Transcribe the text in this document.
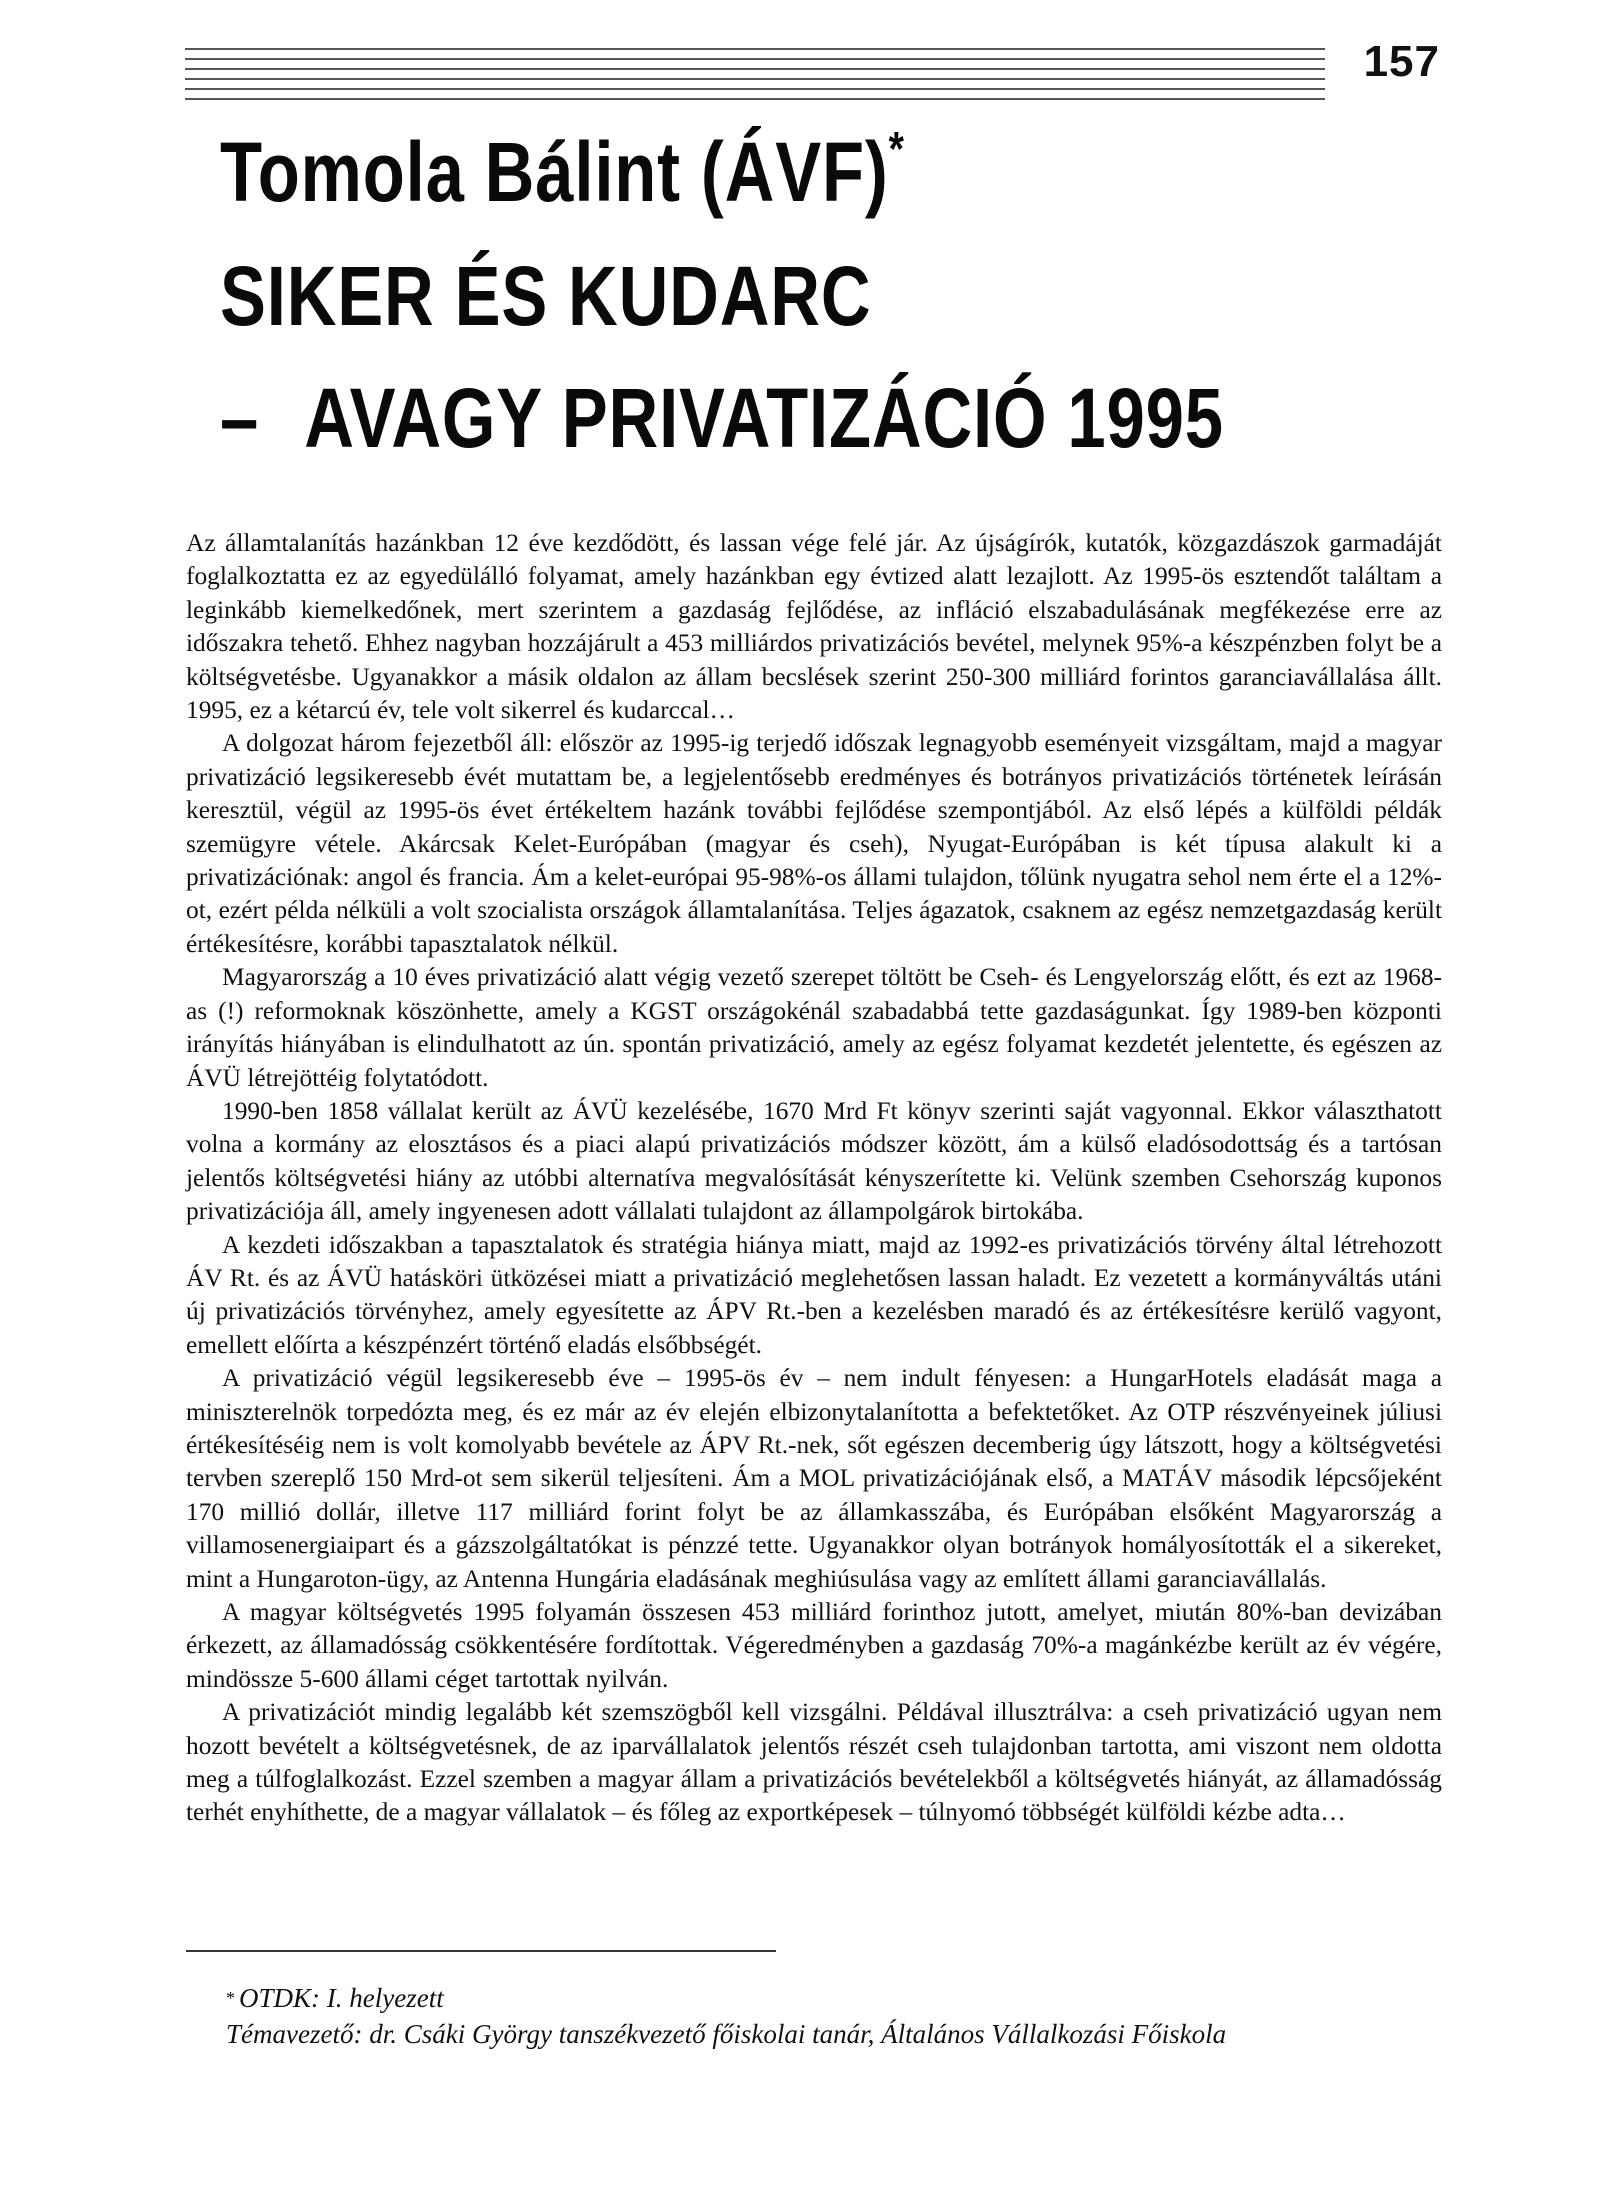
157
Tomola Bálint (ÁVF)*
SIKER ÉS KUDARC
– AVAGY PRIVATIZÁCIÓ 1995

Az államtalanítás hazánkban 12 éve kezdődött, és lassan vége felé jár. Az újságírók, kutatók, közgazdászok garmadáját foglalkoztatta ez az egyedülálló folyamat, amely hazánkban egy évtized alatt lezajlott. Az 1995-ös esztendőt találtam a leginkább kiemelkedőnek, mert szerintem a gazdaság fejlődése, az infláció elszabadulásának megfékezése erre az időszakra tehető. Ehhez nagyban hozzájárult a 453 milliárdos privatizációs bevétel, melynek 95%-a készpénzben folyt be a költségvetésbe. Ugyanakkor a másik oldalon az állam becslések szerint 250-300 milliárd forintos garanciavállalása állt. 1995, ez a kétarcú év, tele volt sikerrel és kudarccal…

A dolgozat három fejezetből áll: először az 1995-ig terjedő időszak legnagyobb eseményeit vizsgáltam, majd a magyar privatizáció legsikeresebb évét mutattam be, a legjelentősebb eredményes és botrányos privatizációs történetek leírásán keresztül, végül az 1995-ös évet értékeltem hazánk további fejlődése szempontjából. Az első lépés a külföldi példák szemügyre vétele. Akárcsak Kelet-Európában (magyar és cseh), Nyugat-Európában is két típusa alakult ki a privatizációnak: angol és francia. Ám a kelet-európai 95-98%-os állami tulajdon, tőlünk nyugatra sehol nem érte el a 12%-ot, ezért példa nélküli a volt szocialista országok államtalanítása. Teljes ágazatok, csaknem az egész nemzetgazdaság került értékesítésre, korábbi tapasztalatok nélkül.

Magyarország a 10 éves privatizáció alatt végig vezető szerepet töltött be Cseh- és Lengyelország előtt, és ezt az 1968-as (!) reformoknak köszönhette, amely a KGST országokénál szabadabbá tette gazdaságunkat. Így 1989-ben központi irányítás hiányában is elindulhatott az ún. spontán privatizáció, amely az egész folyamat kezdetét jelentette, és egészen az ÁVÜ létrejöttéig folytatódott.

1990-ben 1858 vállalat került az ÁVÜ kezelésébe, 1670 Mrd Ft könyv szerinti saját vagyonnal. Ekkor választhatott volna a kormány az elosztásos és a piaci alapú privatizációs módszer között, ám a külső eladósodottság és a tartósan jelentős költségvetési hiány az utóbbi alternatíva megvalósítását kényszerítette ki. Velünk szemben Csehország kuponos privatizációja áll, amely ingyenesen adott vállalati tulajdont az állampolgárok birtokába.

A kezdeti időszakban a tapasztalatok és stratégia hiánya miatt, majd az 1992-es privatizációs törvény által létrehozott ÁV Rt. és az ÁVÜ hatásköri ütközései miatt a privatizáció meglehetősen lassan haladt. Ez vezetett a kormányváltás utáni új privatizációs törvényhez, amely egyesítette az ÁPV Rt.-ben a kezelésben maradó és az értékesítésre kerülő vagyont, emellett előírta a készpénzért történő eladás elsőbbségét.

A privatizáció végül legsikeresebb éve – 1995-ös év – nem indult fényesen: a HungarHotels eladását maga a miniszterelnök torpedózta meg, és ez már az év elején elbizonytalanította a befektetőket. Az OTP részvényeinek júliusi értékesítéséig nem is volt komolyabb bevétele az ÁPV Rt.-nek, sőt egészen decemberig úgy látszott, hogy a költségvetési tervben szereplő 150 Mrd-ot sem sikerül teljesíteni. Ám a MOL privatizációjának első, a MATÁV második lépcsőjeként 170 millió dollár, illetve 117 milliárd forint folyt be az államkasszába, és Európában elsőként Magyarország a villamosenergiaipart és a gázszolgáltatókat is pénzzé tette. Ugyanakkor olyan botrányok homályosították el a sikereket, mint a Hungaroton-ügy, az Antenna Hungária eladásának meghiúsulása vagy az említett állami garanciavállalás.

A magyar költségvetés 1995 folyamán összesen 453 milliárd forinthoz jutott, amelyet, miután 80%-ban devizában érkezett, az államadósság csökkentésére fordítottak. Végeredményben a gazdaság 70%-a magánkézbe került az év végére, mindössze 5-600 állami céget tartottak nyilván.

A privatizációt mindig legalább két szemszögből kell vizsgálni. Példával illusztrálva: a cseh privatizáció ugyan nem hozott bevételt a költségvetésnek, de az iparvállalatok jelentős részét cseh tulajdonban tartotta, ami viszont nem oldotta meg a túlfoglalkozást. Ezzel szemben a magyar állam a privatizációs bevételekből a költségvetés hiányát, az államadósság terhét enyhíthette, de a magyar vállalatok – és főleg az exportképesek – túlnyomó többségét külföldi kézbe adta…

* OTDK: I. helyezett
Témavezető: dr. Csáki György tanszékvezető főiskolai tanár, Általános Vállalkozási Főiskola
